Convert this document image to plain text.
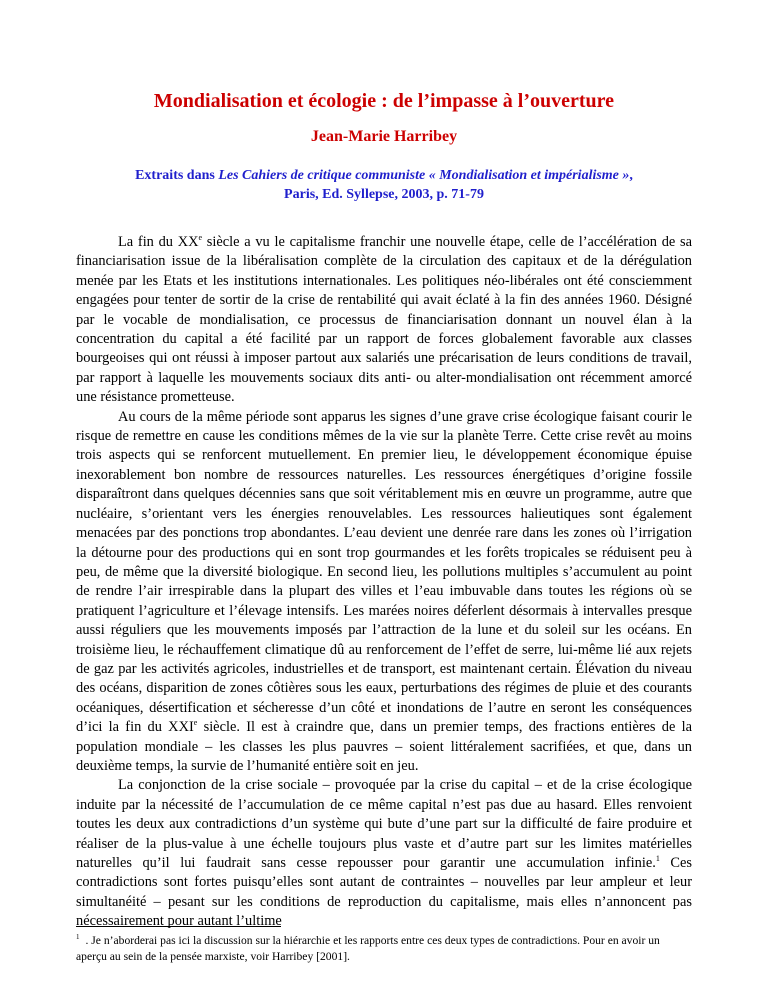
Mondialisation et écologie : de l’impasse à l’ouverture
Jean-Marie Harribey
Extraits dans Les Cahiers de critique communiste « Mondialisation et impérialisme »,
Paris, Ed. Syllepse, 2003, p. 71-79

La fin du XXe siècle a vu le capitalisme franchir une nouvelle étape, celle de l’accélération de sa financiarisation issue de la libéralisation complète de la circulation des capitaux et de la dérégulation menée par les Etats et les institutions internationales. Les politiques néo-libérales ont été consciemment engagées pour tenter de sortir de la crise de rentabilité qui avait éclaté à la fin des années 1960. Désigné par le vocable de mondialisation, ce processus de financiarisation donnant un nouvel élan à la concentration du capital a été facilité par un rapport de forces globalement favorable aux classes bourgeoises qui ont réussi à imposer partout aux salariés une précarisation de leurs conditions de travail, par rapport à laquelle les mouvements sociaux dits anti- ou alter-mondialisation ont récemment amorcé une résistance prometteuse.

Au cours de la même période sont apparus les signes d’une grave crise écologique faisant courir le risque de remettre en cause les conditions mêmes de la vie sur la planète Terre. Cette crise revêt au moins trois aspects qui se renforcent mutuellement. En premier lieu, le développement économique épuise inexorablement bon nombre de ressources naturelles. Les ressources énergétiques d’origine fossile disparaîtront dans quelques décennies sans que soit véritablement mis en œuvre un programme, autre que nucléaire, s’orientant vers les énergies renouvelables. Les ressources halieutiques sont également menacées par des ponctions trop abondantes. L’eau devient une denrée rare dans les zones où l’irrigation la détourne pour des productions qui en sont trop gourmandes et les forêts tropicales se réduisent peu à peu, de même que la diversité biologique. En second lieu, les pollutions multiples s’accumulent au point de rendre l’air irrespirable dans la plupart des villes et l’eau imbuvable dans toutes les régions où se pratiquent l’agriculture et l’élevage intensifs. Les marées noires déferlent désormais à intervalles presque aussi réguliers que les mouvements imposés par l’attraction de la lune et du soleil sur les océans. En troisième lieu, le réchauffement climatique dû au renforcement de l’effet de serre, lui-même lié aux rejets de gaz par les activités agricoles, industrielles et de transport, est maintenant certain. Élévation du niveau des océans, disparition de zones côtières sous les eaux, perturbations des régimes de pluie et des courants océaniques, désertification et sécheresse d’un côté et inondations de l’autre en seront les conséquences d’ici la fin du XXIe siècle. Il est à craindre que, dans un premier temps, des fractions entières de la population mondiale – les classes les plus pauvres – soient littéralement sacrifiées, et que, dans un deuxième temps, la survie de l’humanité entière soit en jeu.

La conjonction de la crise sociale – provoquée par la crise du capital – et de la crise écologique induite par la nécessité de l’accumulation de ce même capital n’est pas due au hasard. Elles renvoient toutes les deux aux contradictions d’un système qui bute d’une part sur la difficulté de faire produire et réaliser de la plus-value à une échelle toujours plus vaste et d’autre part sur les limites matérielles naturelles qu’il lui faudrait sans cesse repousser pour garantir une accumulation infinie.$^1$ Ces contradictions sont fortes puisqu’elles sont autant de contraintes – nouvelles par leur ampleur et leur simultanéité – pesant sur les conditions de reproduction du capitalisme, mais elles n’annoncent pas nécessairement pour autant l’ultime

$^1$ . Je n’aborderai pas ici la discussion sur la hiérarchie et les rapports entre ces deux types de contradictions. Pour en avoir un aperçu au sein de la pensée marxiste, voir Harribey [2001].
